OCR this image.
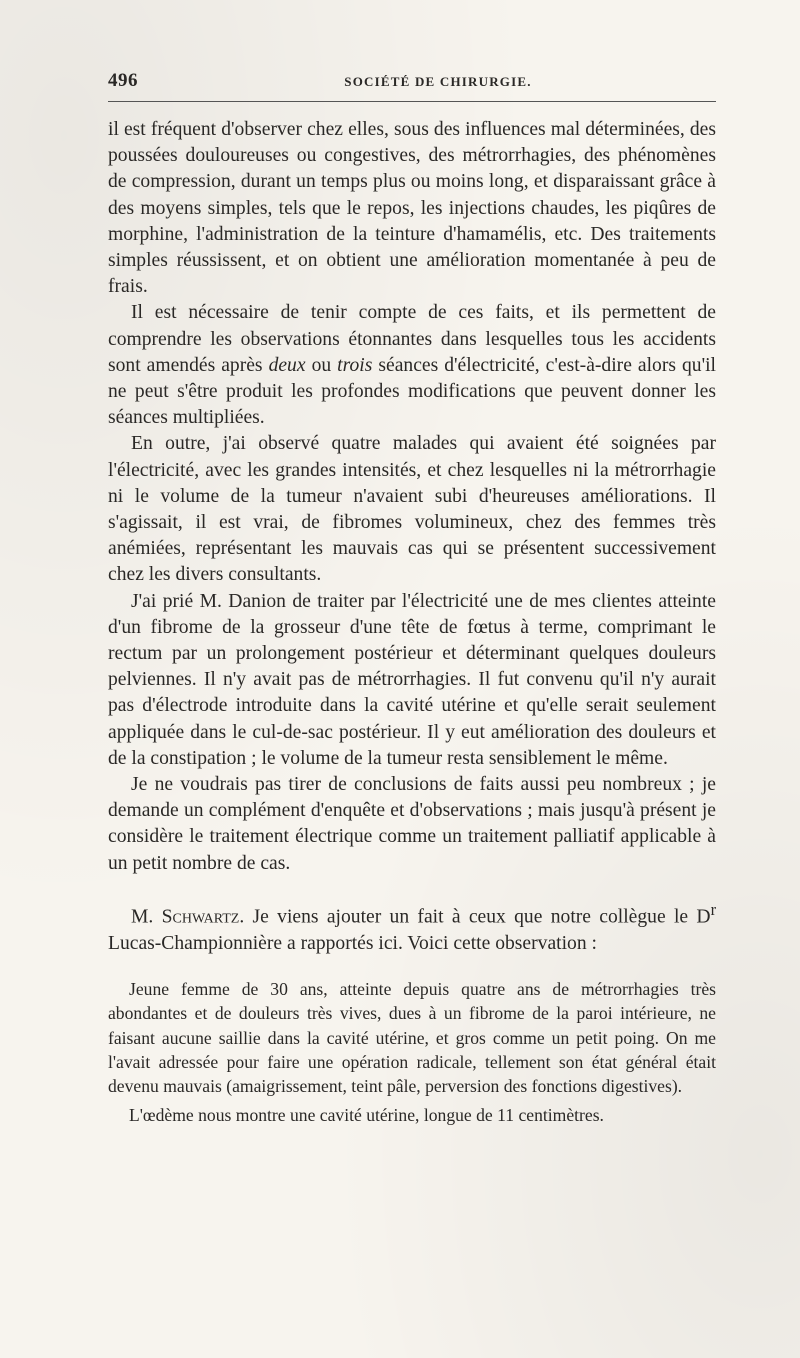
496	SOCIÉTÉ DE CHIRURGIE.

il est fréquent d'observer chez elles, sous des influences mal déterminées, des poussées douloureuses ou congestives, des métrorrhagies, des phénomènes de compression, durant un temps plus ou moins long, et disparaissant grâce à des moyens simples, tels que le repos, les injections chaudes, les piqûres de morphine, l'administration de la teinture d'hamamélis, etc. Des traitements simples réussissent, et on obtient une amélioration momentanée à peu de frais.

Il est nécessaire de tenir compte de ces faits, et ils permettent de comprendre les observations étonnantes dans lesquelles tous les accidents sont amendés après deux ou trois séances d'électricité, c'est-à-dire alors qu'il ne peut s'être produit les profondes modifications que peuvent donner les séances multipliées.

En outre, j'ai observé quatre malades qui avaient été soignées par l'électricité, avec les grandes intensités, et chez lesquelles ni la métrorrhagie ni le volume de la tumeur n'avaient subi d'heureuses améliorations. Il s'agissait, il est vrai, de fibromes volumineux, chez des femmes très anémiées, représentant les mauvais cas qui se présentent successivement chez les divers consultants.

J'ai prié M. Danion de traiter par l'électricité une de mes clientes atteinte d'un fibrome de la grosseur d'une tête de fœtus à terme, comprimant le rectum par un prolongement postérieur et déterminant quelques douleurs pelviennes. Il n'y avait pas de métrorrhagies. Il fut convenu qu'il n'y aurait pas d'électrode introduite dans la cavité utérine et qu'elle serait seulement appliquée dans le cul-de-sac postérieur. Il y eut amélioration des douleurs et de la constipation ; le volume de la tumeur resta sensiblement le même.

Je ne voudrais pas tirer de conclusions de faits aussi peu nombreux ; je demande un complément d'enquête et d'observations ; mais jusqu'à présent je considère le traitement électrique comme un traitement palliatif applicable à un petit nombre de cas.

M. Schwartz. Je viens ajouter un fait à ceux que notre collègue le $D^r$ Lucas-Championnière a rapportés ici. Voici cette observation :

Jeune femme de 30 ans, atteinte depuis quatre ans de métrorrhagies très abondantes et de douleurs très vives, dues à un fibrome de la paroi intérieure, ne faisant aucune saillie dans la cavité utérine, et gros comme un petit poing. On me l'avait adressée pour faire une opération radicale, tellement son état général était devenu mauvais (amaigrissement, teint pâle, perversion des fonctions digestives).

L'œdème nous montre une cavité utérine, longue de 11 centimètres.
